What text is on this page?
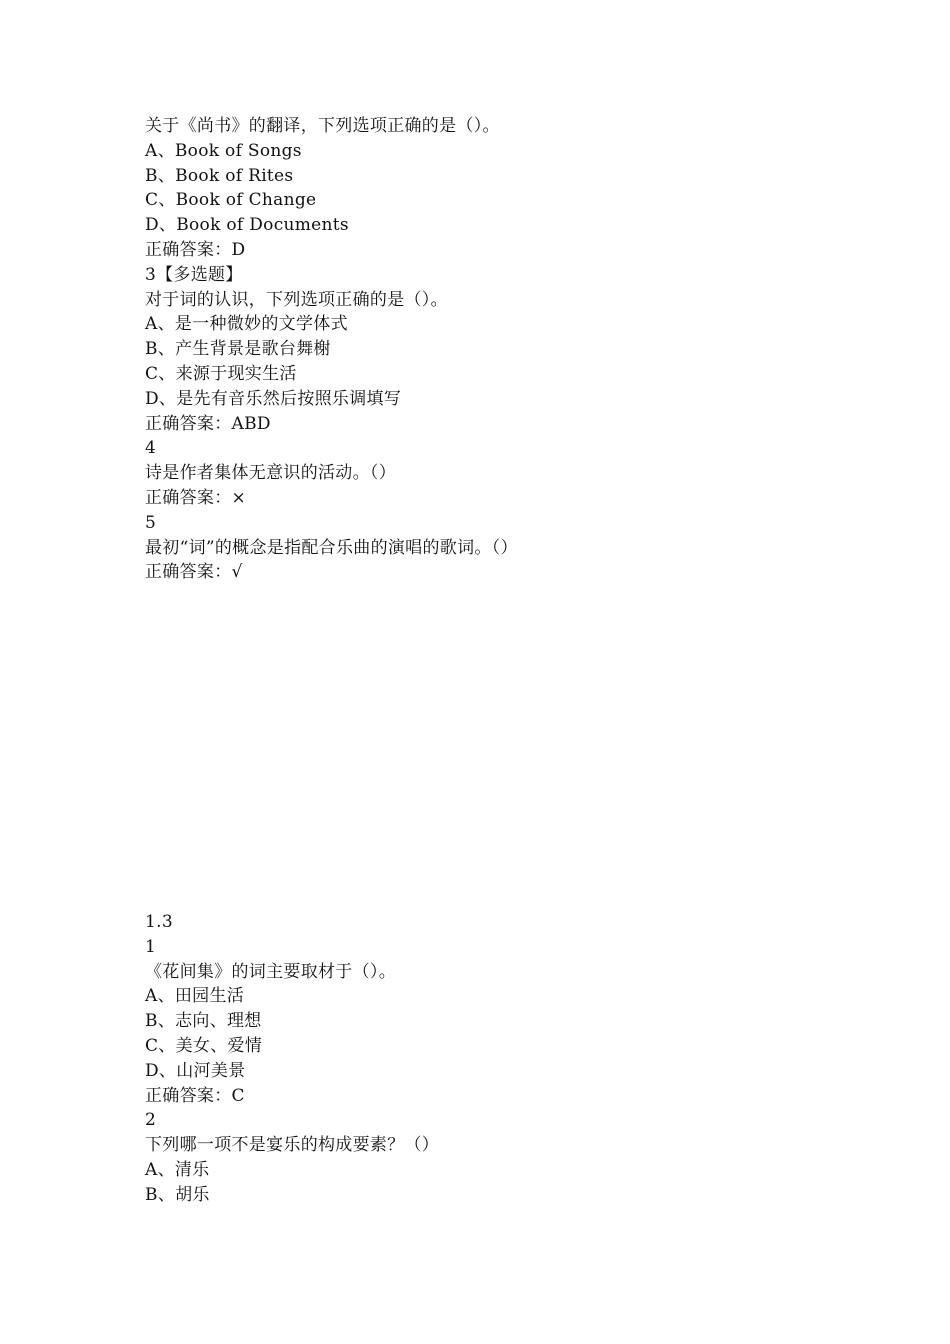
关于《尚书》的翻译，下列选项正确的是（）。
A、Book of Songs
B、Book of Rites
C、Book of Change
D、Book of Documents
正确答案：D
3【多选题】
对于词的认识，下列选项正确的是（）。
A、是一种微妙的文学体式
B、产生背景是歌台舞榭
C、来源于现实生活
D、是先有音乐然后按照乐调填写
正确答案：ABD
4
诗是作者集体无意识的活动。（）
正确答案：×
5
最初“词”的概念是指配合乐曲的演唱的歌词。（）
正确答案：√
1.3
1
《花间集》的词主要取材于（）。
A、田园生活
B、志向、理想
C、美女、爱情
D、山河美景
正确答案：C
2
下列哪一项不是宴乐的构成要素？（）
A、清乐
B、胡乐
